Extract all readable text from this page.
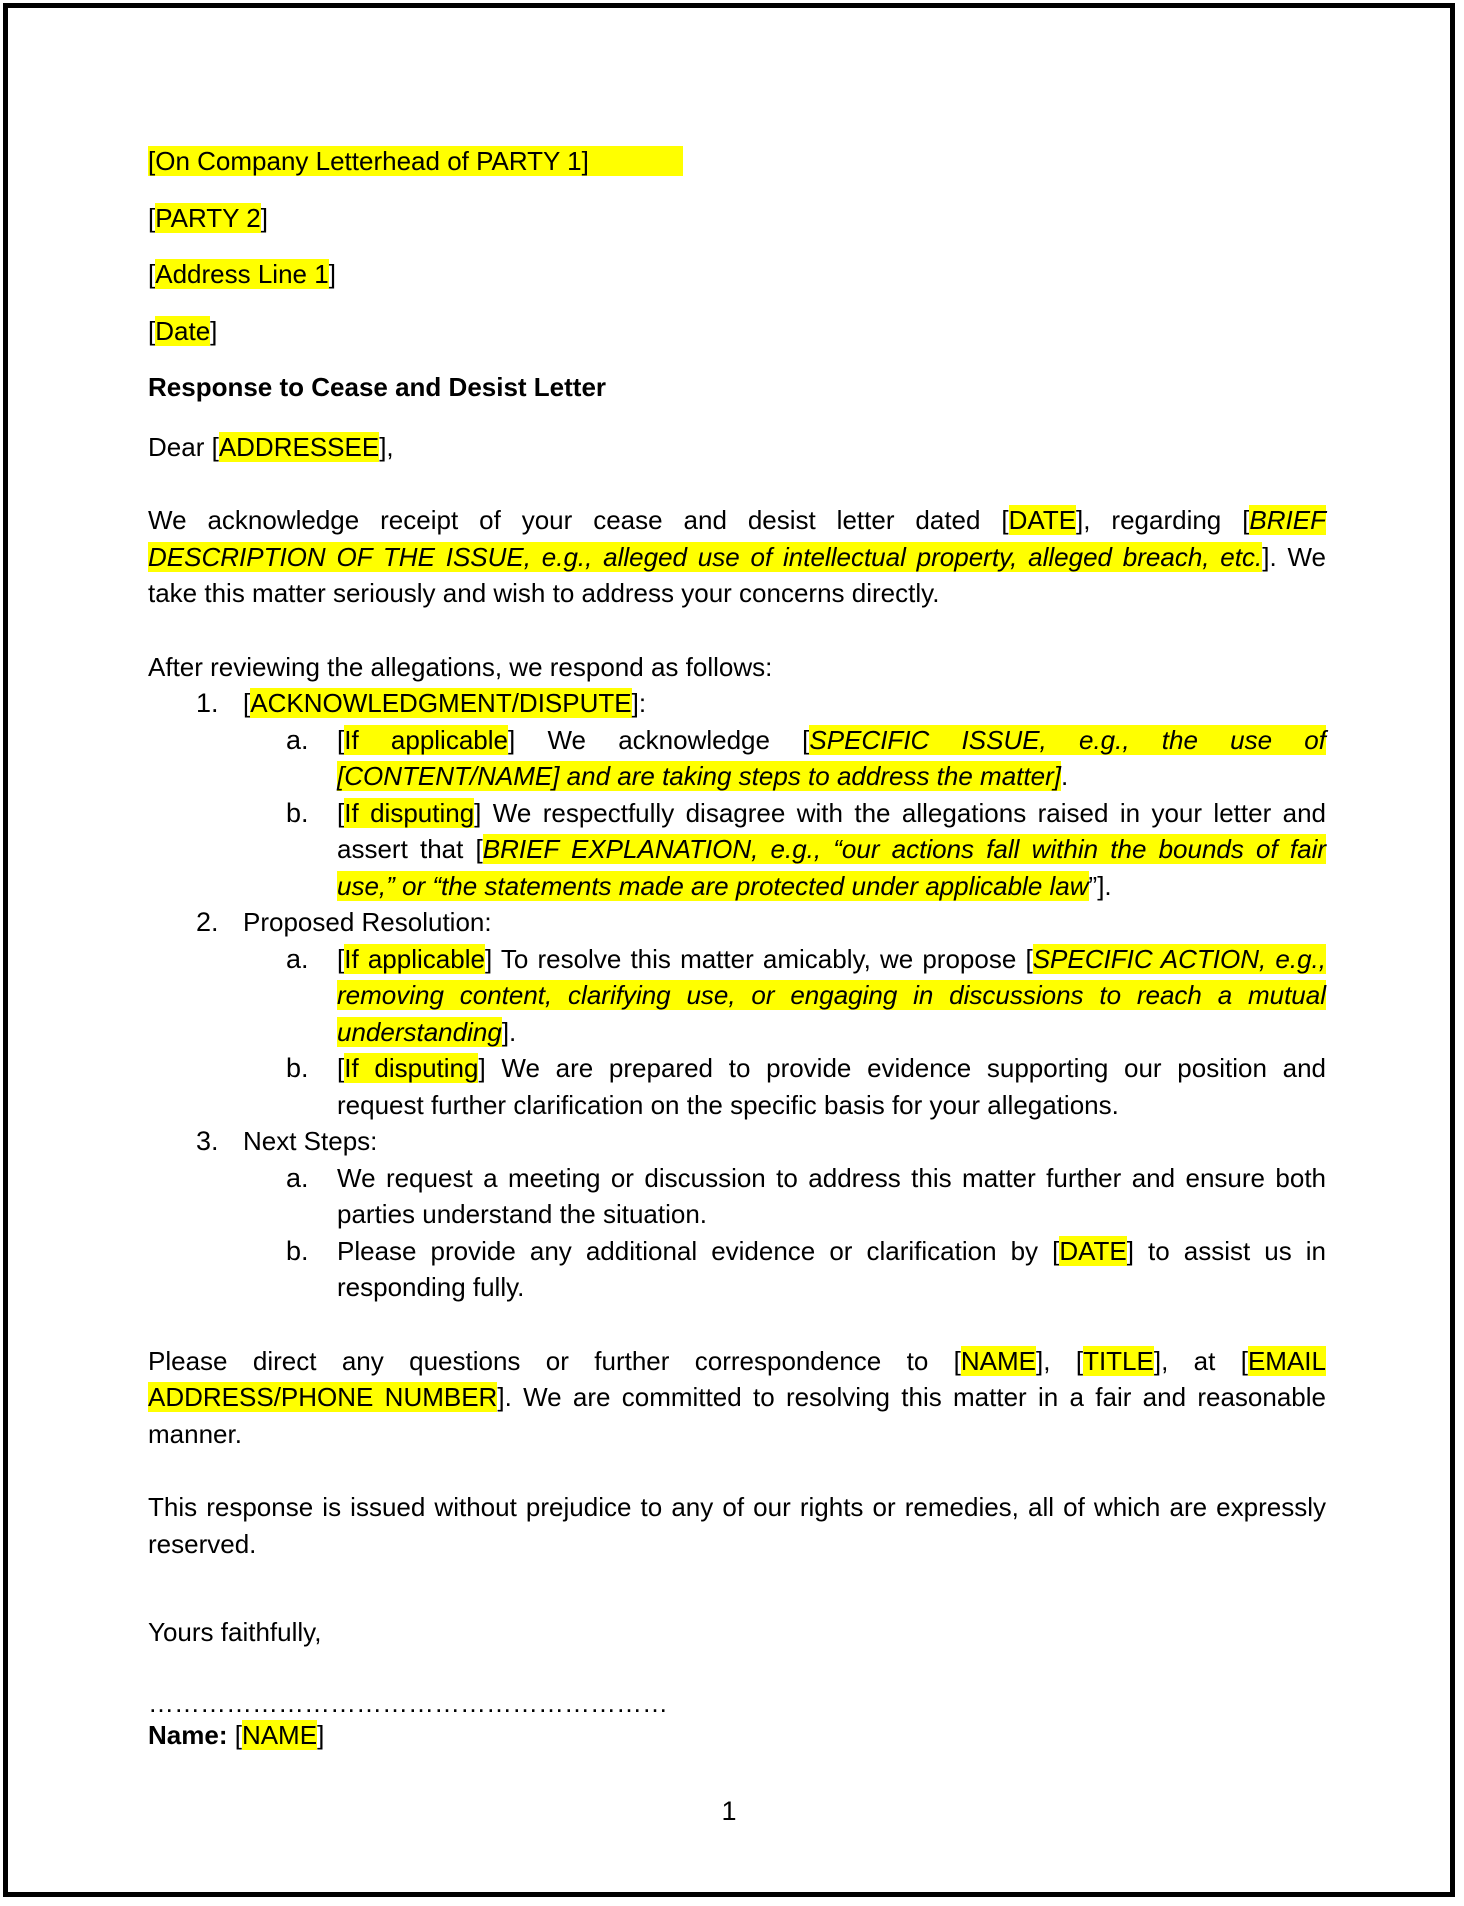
[On Company Letterhead of PARTY 1]

[PARTY 2]

[Address Line 1]

[Date]

Response to Cease and Desist Letter

Dear [ADDRESSEE],

We acknowledge receipt of your cease and desist letter dated [DATE], regarding [BRIEF DESCRIPTION OF THE ISSUE, e.g., alleged use of intellectual property, alleged breach, etc.]. We take this matter seriously and wish to address your concerns directly.

After reviewing the allegations, we respond as follows:

1. [ACKNOWLEDGMENT/DISPUTE]:
a. [If applicable] We acknowledge [SPECIFIC ISSUE, e.g., the use of [CONTENT/NAME] and are taking steps to address the matter].
b. [If disputing] We respectfully disagree with the allegations raised in your letter and assert that [BRIEF EXPLANATION, e.g., “our actions fall within the bounds of fair use,” or “the statements made are protected under applicable law”].
2. Proposed Resolution:
a. [If applicable] To resolve this matter amicably, we propose [SPECIFIC ACTION, e.g., removing content, clarifying use, or engaging in discussions to reach a mutual understanding].
b. [If disputing] We are prepared to provide evidence supporting our position and request further clarification on the specific basis for your allegations.
3. Next Steps:
a. We request a meeting or discussion to address this matter further and ensure both parties understand the situation.
b. Please provide any additional evidence or clarification by [DATE] to assist us in responding fully.

Please direct any questions or further correspondence to [NAME], [TITLE], at [EMAIL ADDRESS/PHONE NUMBER]. We are committed to resolving this matter in a fair and reasonable manner.

This response is issued without prejudice to any of our rights or remedies, all of which are expressly reserved.

Yours faithfully,

……………………………………………………

Name: [NAME]

1
